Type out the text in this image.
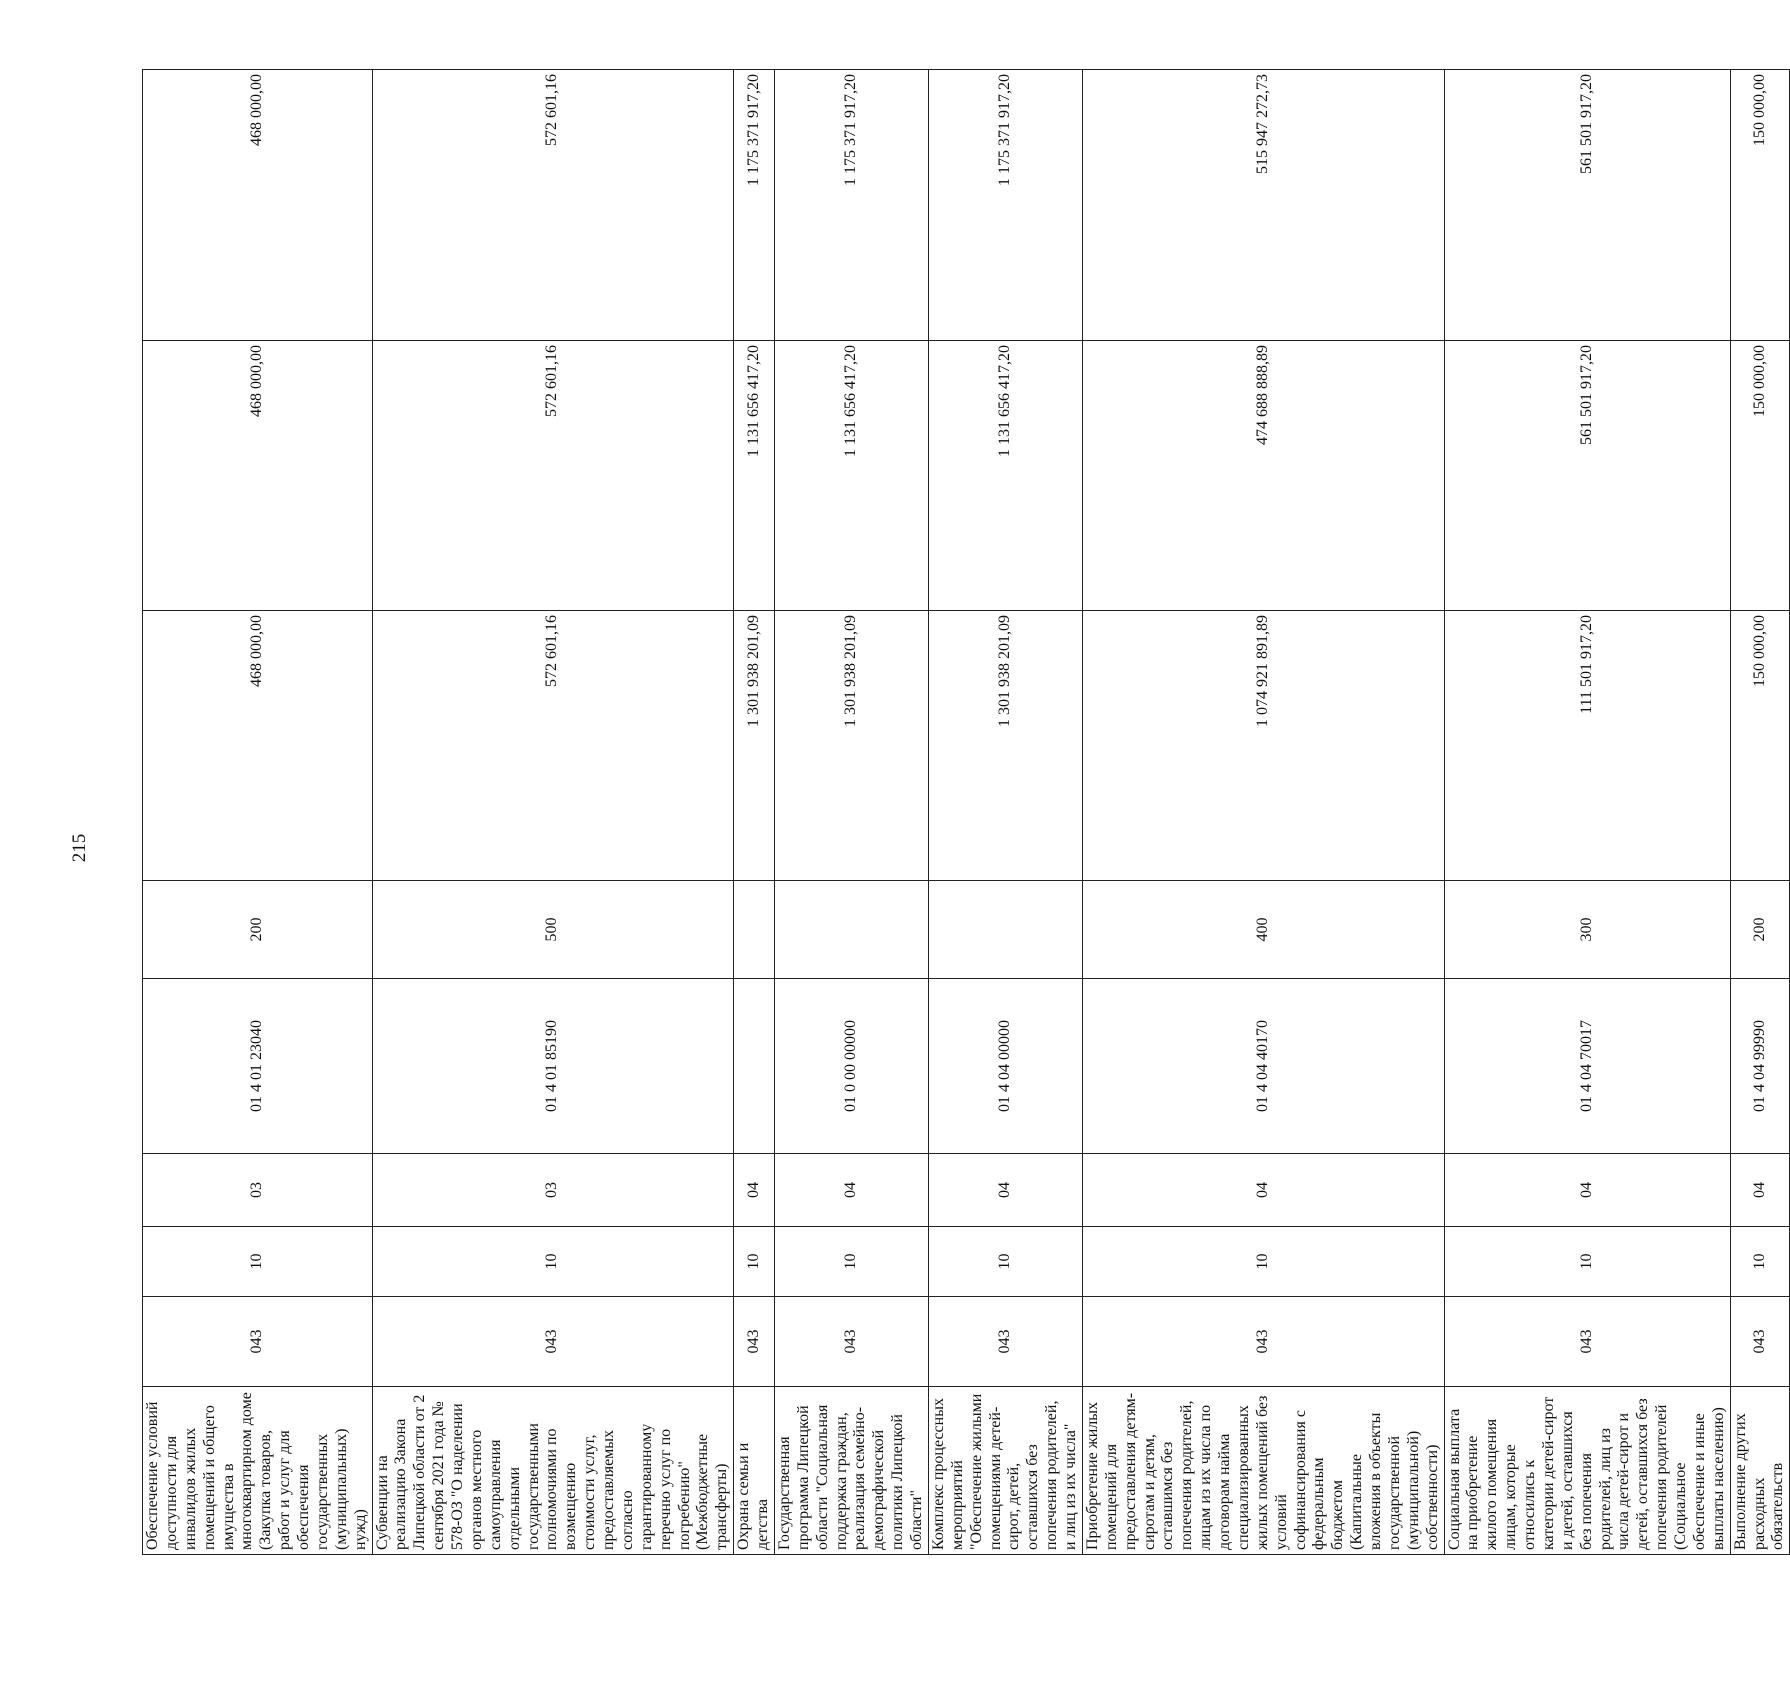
215
Обеспечение условий доступности для инвалидов жилых помещений и общего имущества в многоквартирном доме (Закупка товаров, работ и услуг для обеспечения государственных (муниципальных) нужд)	043	10	03	01 4 01 23040	200	468 000,00	468 000,00	468 000,00
Субвенции на реализацию Закона Липецкой области от 2 сентября 2021 года № 578-ОЗ "О наделении органов местного самоуправления отдельными государственными полномочиями по возмещению стоимости услуг, предоставляемых согласно гарантированному перечню услуг по погребению" (Межбюджетные трансферты)	043	10	03	01 4 01 85190	500	572 601,16	572 601,16	572 601,16
Охрана семьи и детства	043	10	04			1 301 938 201,09	1 131 656 417,20	1 175 371 917,20
Государственная программа Липецкой области "Социальная поддержка граждан, реализация семейно-демографической политики Липецкой области"	043	10	04	01 0 00 00000		1 301 938 201,09	1 131 656 417,20	1 175 371 917,20
Комплекс процессных мероприятий "Обеспечение жилыми помещениями детей-сирот, детей, оставшихся без попечения родителей, и лиц из их числа"	043	10	04	01 4 04 00000		1 301 938 201,09	1 131 656 417,20	1 175 371 917,20
Приобретение жилых помещений для предоставления детям-сиротам и детям, оставшимся без попечения родителей, лицам из их числа по договорам найма специализированных жилых помещений без условий софинансирования с федеральным бюджетом (Капитальные вложения в объекты государственной (муниципальной) собственности)	043	10	04	01 4 04 40170	400	1 074 921 891,89	474 688 888,89	515 947 272,73
Социальная выплата на приобретение жилого помещения лицам, которые относились к категории детей-сирот и детей, оставшихся без попечения родителей, лиц из числа детей-сирот и детей, оставшихся без попечения родителей (Социальное обеспечение и иные выплаты населению)	043	10	04	01 4 04 70017	300	111 501 917,20	561 501 917,20	561 501 917,20
Выполнение других расходных обязательств	043	10	04	01 4 04 99990	200	150 000,00	150 000,00	150 000,00
